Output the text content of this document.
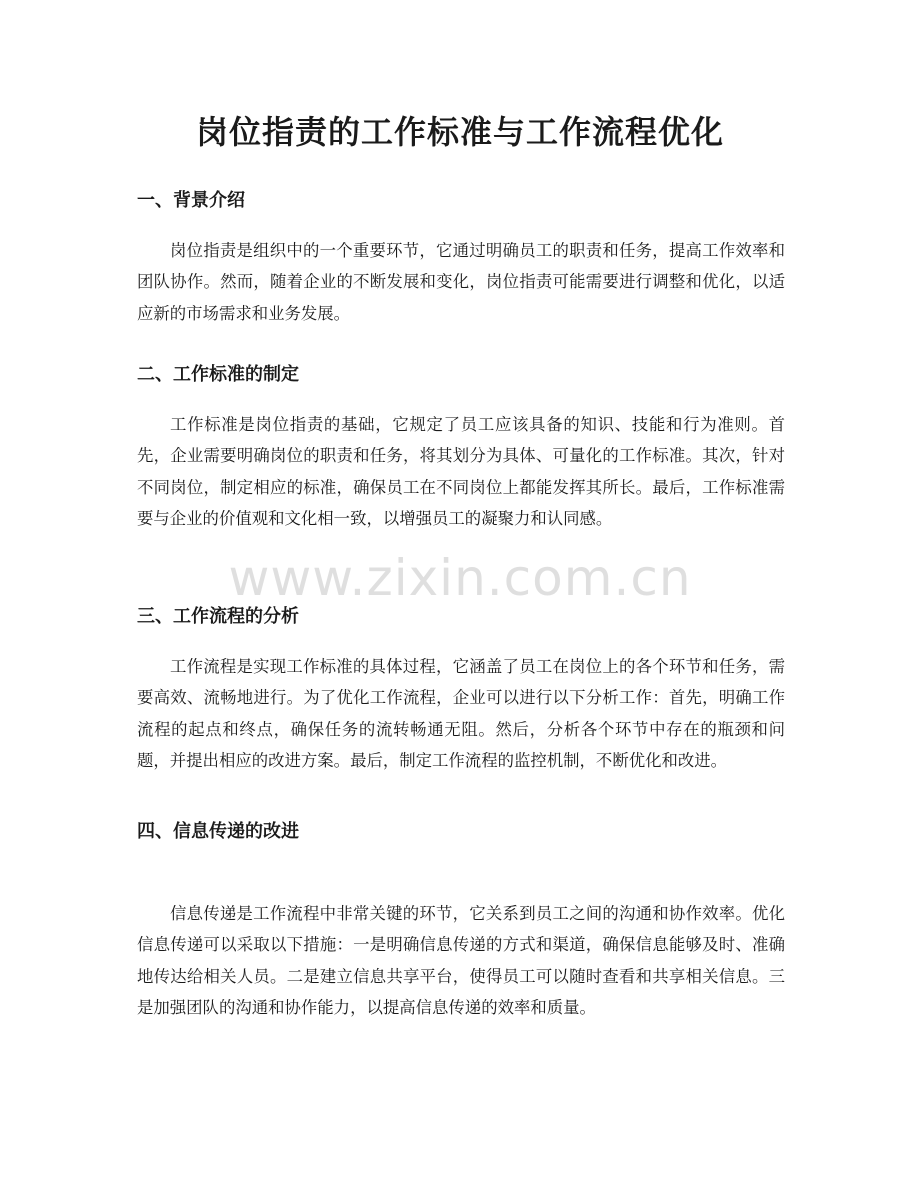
岗位指责的工作标准与工作流程优化
一、背景介绍

岗位指责是组织中的一个重要环节，它通过明确员工的职责和任务，提高工作效率和团队协作。然而，随着企业的不断发展和变化，岗位指责可能需要进行调整和优化，以适应新的市场需求和业务发展。

二、工作标准的制定

工作标准是岗位指责的基础，它规定了员工应该具备的知识、技能和行为准则。首先，企业需要明确岗位的职责和任务，将其划分为具体、可量化的工作标准。其次，针对不同岗位，制定相应的标准，确保员工在不同岗位上都能发挥其所长。最后，工作标准需要与企业的价值观和文化相一致，以增强员工的凝聚力和认同感。

三、工作流程的分析

工作流程是实现工作标准的具体过程，它涵盖了员工在岗位上的各个环节和任务，需要高效、流畅地进行。为了优化工作流程，企业可以进行以下分析工作：首先，明确工作流程的起点和终点，确保任务的流转畅通无阻。然后，分析各个环节中存在的瓶颈和问题，并提出相应的改进方案。最后，制定工作流程的监控机制，不断优化和改进。

四、信息传递的改进

信息传递是工作流程中非常关键的环节，它关系到员工之间的沟通和协作效率。优化信息传递可以采取以下措施：一是明确信息传递的方式和渠道，确保信息能够及时、准确地传达给相关人员。二是建立信息共享平台，使得员工可以随时查看和共享相关信息。三是加强团队的沟通和协作能力，以提高信息传递的效率和质量。

www.zixin.com.cn
